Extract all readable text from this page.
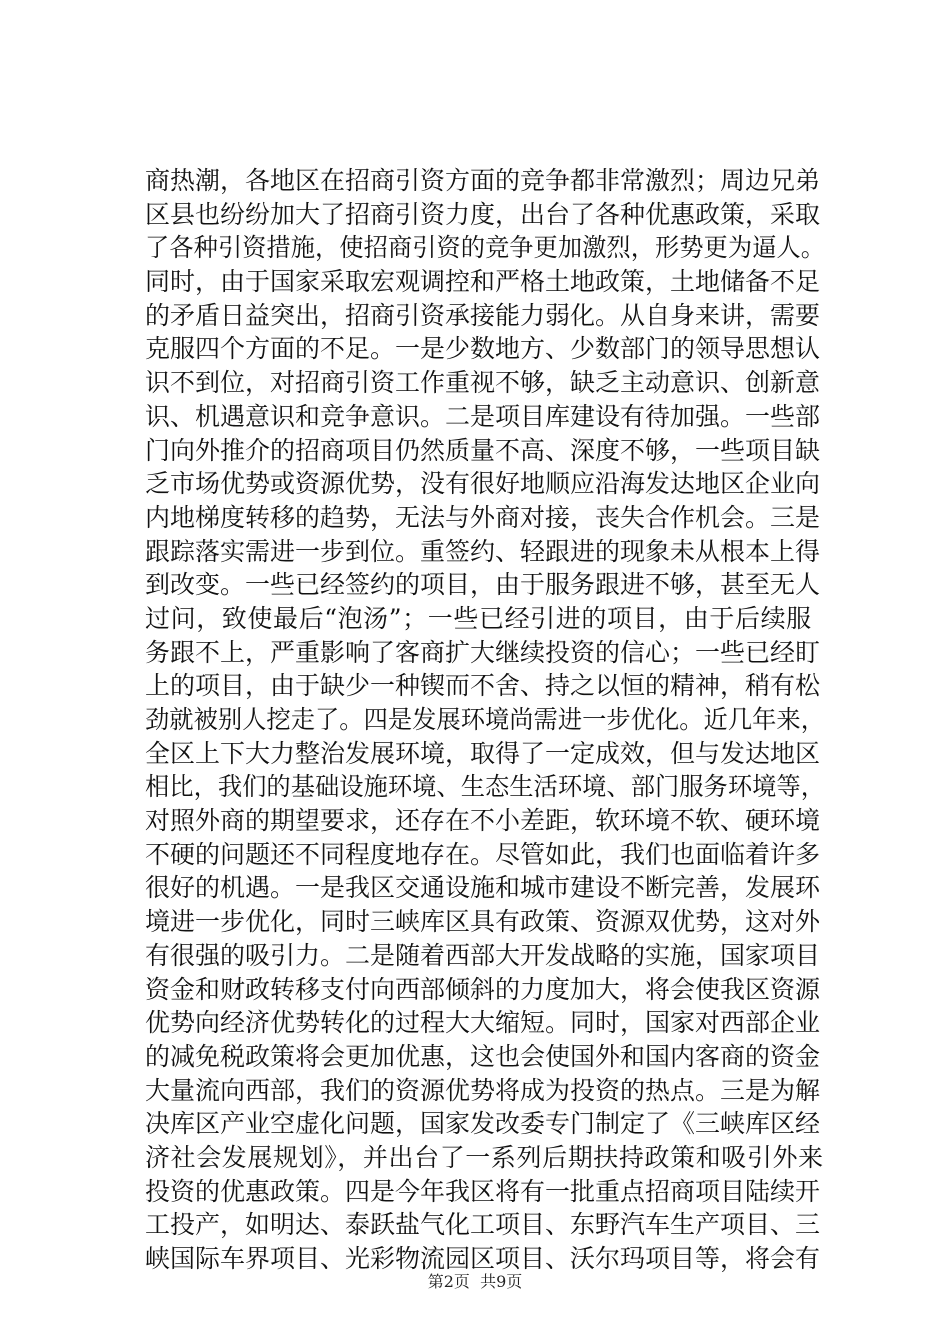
商热潮，各地区在招商引资方面的竞争都非常激烈；周边兄弟
区县也纷纷加大了招商引资力度，出台了各种优惠政策，采取
了各种引资措施，使招商引资的竞争更加激烈，形势更为逼人。
同时，由于国家采取宏观调控和严格土地政策，土地储备不足
的矛盾日益突出，招商引资承接能力弱化。从自身来讲，需要
克服四个方面的不足。一是少数地方、少数部门的领导思想认
识不到位，对招商引资工作重视不够，缺乏主动意识、创新意
识、机遇意识和竞争意识。二是项目库建设有待加强。一些部
门向外推介的招商项目仍然质量不高、深度不够，一些项目缺
乏市场优势或资源优势，没有很好地顺应沿海发达地区企业向
内地梯度转移的趋势，无法与外商对接，丧失合作机会。三是
跟踪落实需进一步到位。重签约、轻跟进的现象未从根本上得
到改变。一些已经签约的项目，由于服务跟进不够，甚至无人
过问，致使最后“泡汤”；一些已经引进的项目，由于后续服
务跟不上，严重影响了客商扩大继续投资的信心；一些已经盯
上的项目，由于缺少一种锲而不舍、持之以恒的精神，稍有松
劲就被别人挖走了。四是发展环境尚需进一步优化。近几年来，
全区上下大力整治发展环境，取得了一定成效，但与发达地区
相比，我们的基础设施环境、生态生活环境、部门服务环境等，
对照外商的期望要求，还存在不小差距，软环境不软、硬环境
不硬的问题还不同程度地存在。尽管如此，我们也面临着许多
很好的机遇。一是我区交通设施和城市建设不断完善，发展环
境进一步优化，同时三峡库区具有政策、资源双优势，这对外
有很强的吸引力。二是随着西部大开发战略的实施，国家项目
资金和财政转移支付向西部倾斜的力度加大，将会使我区资源
优势向经济优势转化的过程大大缩短。同时，国家对西部企业
的减免税政策将会更加优惠，这也会使国外和国内客商的资金
大量流向西部，我们的资源优势将成为投资的热点。三是为解
决库区产业空虚化问题，国家发改委专门制定了《三峡库区经
济社会发展规划》，并出台了一系列后期扶持政策和吸引外来
投资的优惠政策。四是今年我区将有一批重点招商项目陆续开
工投产，如明达、泰跃盐气化工项目、东野汽车生产项目、三
峡国际车界项目、光彩物流园区项目、沃尔玛项目等，将会有
第2页  共9页
